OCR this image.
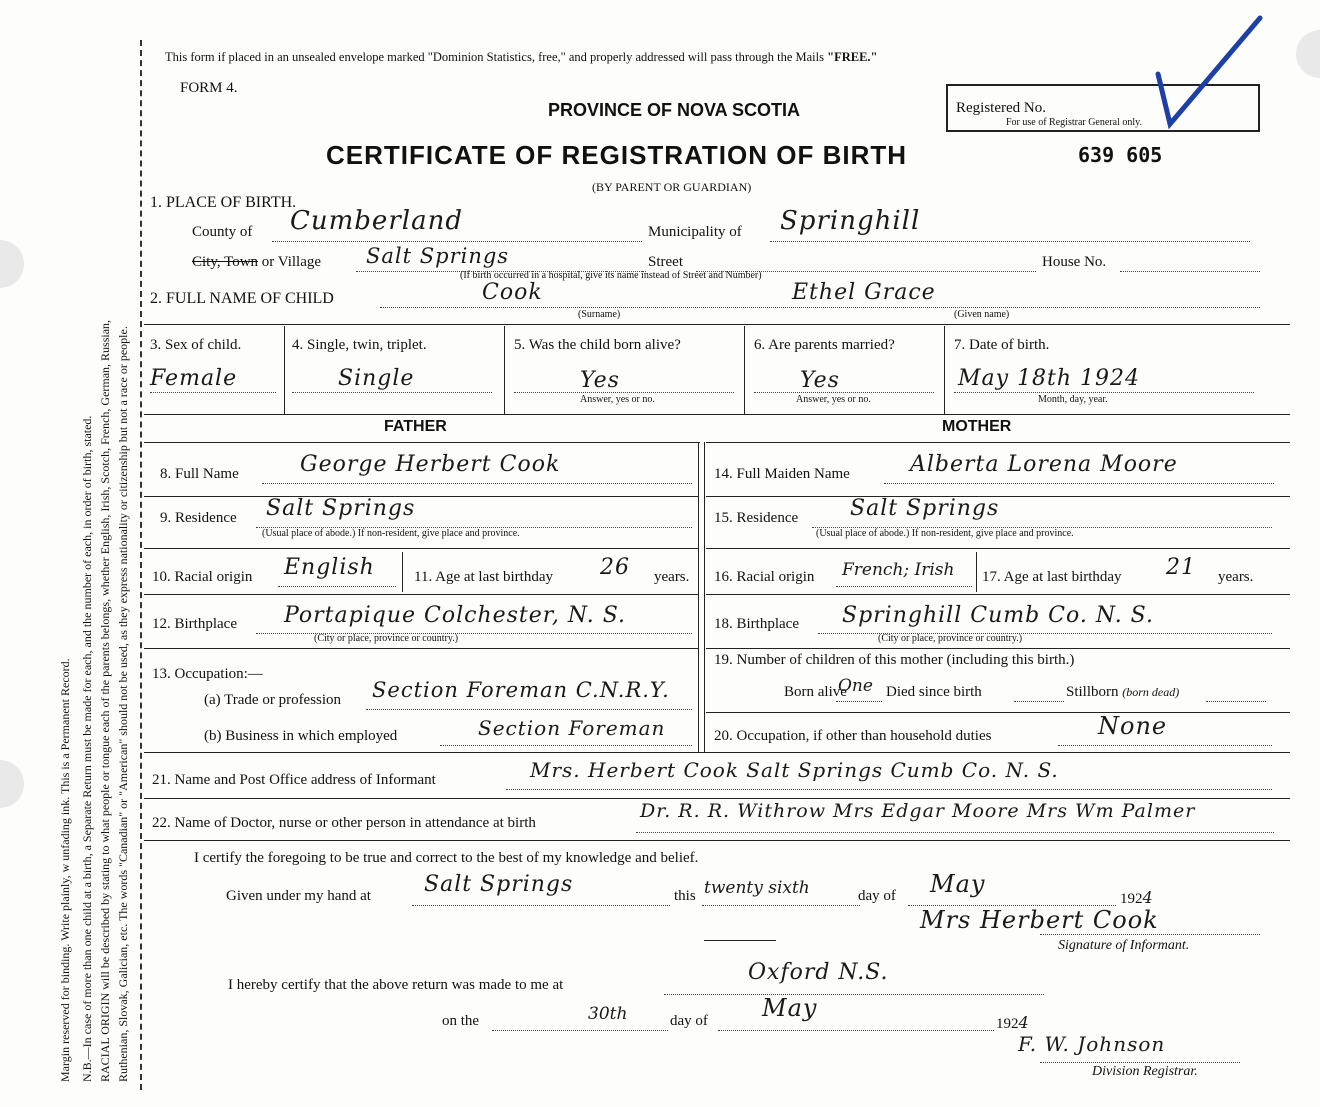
Margin reserved for binding. Write plainly, w unfading ink. This is a Permanent Record. N.B.—In case of more than one child at a birth, a Separate Return must be made for each, and the number of each, in order of birth, stated. RACIAL ORIGIN will be described by stating to what people or tongue each of the parents belongs, whether English, Irish, Scotch, French, German, Russian, Ruthenian, Slovak, Galician, etc. The words "Canadian" or "American" should not be used, as they express nationality or citizenship but not a race or people.
This form if placed in an unsealed envelope marked "Dominion Statistics, free," and properly addressed will pass through the Mails "FREE."
FORM 4.
PROVINCE OF NOVA SCOTIA	Registered No.
For use of Registrar General only.
CERTIFICATE OF REGISTRATION OF BIRTH	639 605
(BY PARENT OR GUARDIAN)
1. PLACE OF BIRTH.
County of Cumberland	Municipality of Springhill
City, Town or Village Salt Springs	Street	House No.
(If birth occurred in a hospital, give its name instead of Street and Number)
2. FULL NAME OF CHILD	Cook	Ethel Grace
(Surname)	(Given name)
3. Sex of child.
Female
4. Single, twin, triplet.
Single
5. Was the child born alive?
Yes
Answer, yes or no.
6. Are parents married?
Yes
Answer, yes or no.
7. Date of birth.
May 18th 1924
Month, day, year.
FATHER	MOTHER
8. Full Name	George Herbert Cook
9. Residence Salt Springs
(Usual place of abode.) If non-resident, give place and province.
10. Racial origin English	11. Age at last birthday 26 years.
12. Birthplace Portapique Colchester, N. S.
(City or place, province or country.)
13. Occupation:—
(a) Trade or profession Section Foreman C.N.R.Y.
(b) Business in which employed	Section Foreman
14. Full Maiden Name	Alberta Lorena Moore
15. Residence Salt Springs
(Usual place of abode.) If non-resident, give place and province.
16. Racial origin French; Irish 17. Age at last birthday 21 years.
18. Birthplace Springhill Cumb Co. N. S.
(City or place, province or country.)
19. Number of children of this mother (including this birth.)
Born alive
One Died since birth	Stillborn (born dead)
20. Occupation, if other than household duties	None
21. Name and Post Office address of Informant	Mrs. Herbert Cook Salt Springs Cumb Co. N. S.
22. Name of Doctor, nurse or other person in attendance at birth
Dr. R. R. Withrow Mrs Edgar Moore Mrs Wm Palmer
I certify the foregoing to be true and correct to the best of my knowledge and belief.
Given under my hand at Salt Springs	this twenty sixth	day of May
1924
Mrs Herbert Cook
Signature of Informant.
I hereby certify that the above return was made to me at	Oxford N.S.
on the	30th	day of May
1924
F. W. Johnson
Division Registrar.
